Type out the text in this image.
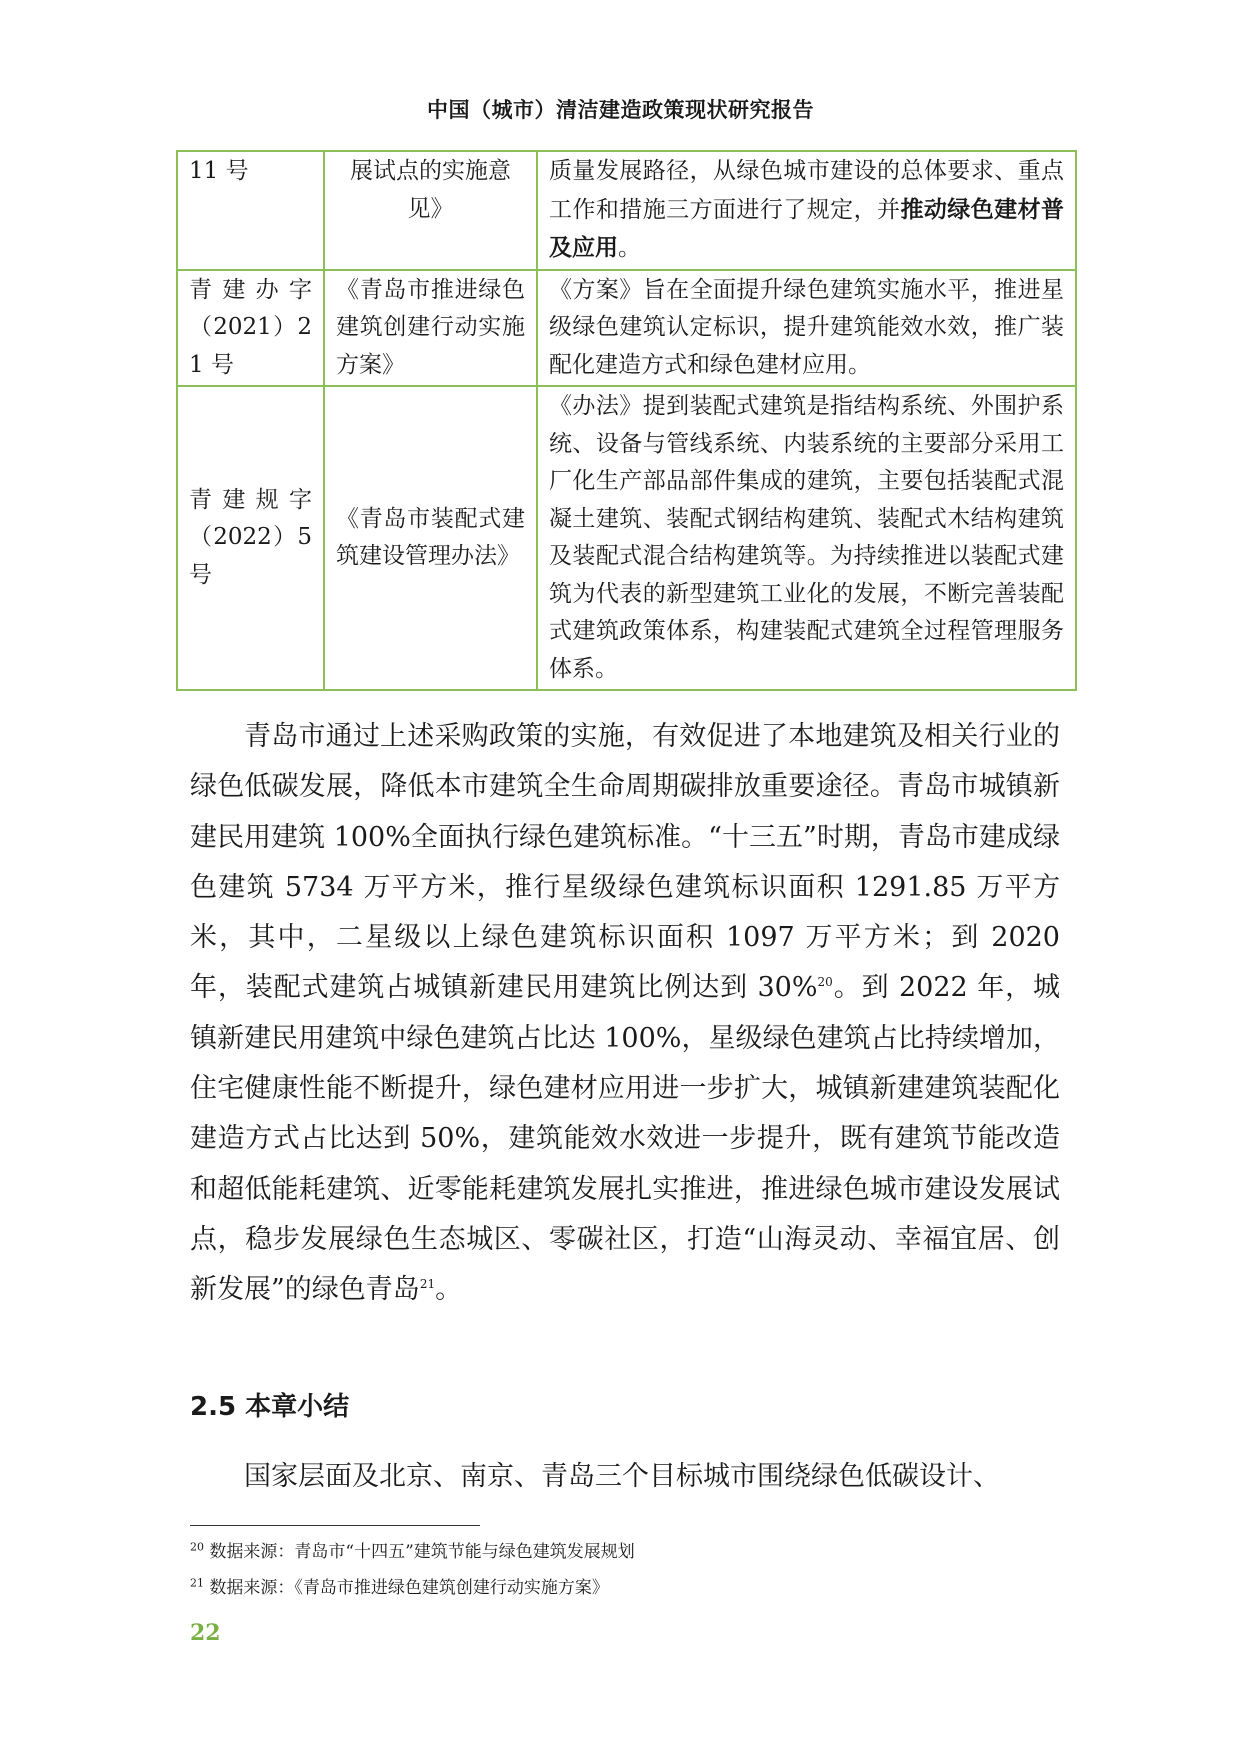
中国（城市）清洁建造政策现状研究报告
11 号	展试点的实施意见》	质量发展路径，从绿色城市建设的总体要求、重点工作和措施三方面进行了规定，并推动绿色建材普及应用。
青建办字（2021）21 号	《青岛市推进绿色建筑创建行动实施方案》	《方案》旨在全面提升绿色建筑实施水平，推进星级绿色建筑认定标识，提升建筑能效水效，推广装配化建造方式和绿色建材应用。
青建规字（2022）5 号	《青岛市装配式建筑建设管理办法》	《办法》提到装配式建筑是指结构系统、外围护系统、设备与管线系统、内装系统的主要部分采用工厂化生产部品部件集成的建筑，主要包括装配式混凝土建筑、装配式钢结构建筑、装配式木结构建筑及装配式混合结构建筑等。为持续推进以装配式建筑为代表的新型建筑工业化的发展，不断完善装配式建筑政策体系，构建装配式建筑全过程管理服务体系。

青岛市通过上述采购政策的实施，有效促进了本地建筑及相关行业的绿色低碳发展，降低本市建筑全生命周期碳排放重要途径。青岛市城镇新建民用建筑 100%全面执行绿色建筑标准。“十三五”时期，青岛市建成绿色建筑 5734 万平方米，推行星级绿色建筑标识面积 1291.85 万平方米，其中，二星级以上绿色建筑标识面积 1097 万平方米；到 2020 年，装配式建筑占城镇新建民用建筑比例达到 30%$^{20}$。到 2022 年，城镇新建民用建筑中绿色建筑占比达 100%，星级绿色建筑占比持续增加，住宅健康性能不断提升，绿色建材应用进一步扩大，城镇新建建筑装配化建造方式占比达到 50%，建筑能效水效进一步提升，既有建筑节能改造和超低能耗建筑、近零能耗建筑发展扎实推进，推进绿色城市建设发展试点，稳步发展绿色生态城区、零碳社区，打造“山海灵动、幸福宜居、创新发展”的绿色青岛$^{21}$。

2.5 本章小结

国家层面及北京、南京、青岛三个目标城市围绕绿色低碳设计、

$^{20}$ 数据来源：青岛市“十四五”建筑节能与绿色建筑发展规划
$^{21}$ 数据来源：《青岛市推进绿色建筑创建行动实施方案》
22
